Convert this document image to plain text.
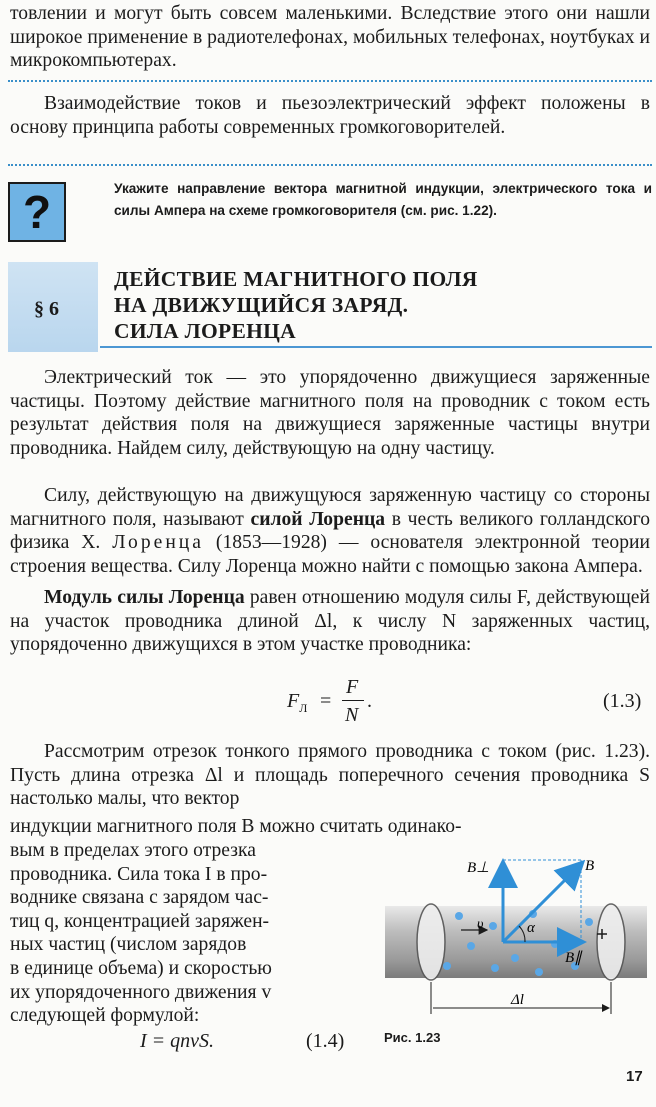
товлении и могут быть совсем маленькими. Вследствие этого они нашли широкое применение в радиотелефонах, мобильных телефонах, ноутбуках и микрокомпьютерах.

Взаимодействие токов и пьезоэлектрический эффект положены в основу принципа работы современных громкоговорителей.

?	Укажите направление вектора магнитной индукции, электрического тока и силы Ампера на схеме громкоговорителя (см. рис. 1.22).
§ 6
ДЕЙСТВИЕ МАГНИТНОГО ПОЛЯ
НА ДВИЖУЩИЙСЯ ЗАРЯД.
СИЛА ЛОРЕНЦА

Электрический ток — это упорядоченно движущиеся заряженные частицы. Поэтому действие магнитного поля на проводник с током есть результат действия поля на движущиеся заряженные частицы внутри проводника. Найдем силу, действующую на одну частицу.

Силу, действующую на движущуюся заряженную частицу со стороны магнитного поля, называют силой Лоренца в честь великого голландского физика Х. Лоренца (1853—1928) — основателя электронной теории строения вещества. Силу Лоренца можно найти с помощью закона Ампера.

Модуль силы Лоренца равен отношению модуля силы F, действующей на участок проводника длиной Δl, к числу N заряженных частиц, упорядоченно движущихся в этом участке проводника:

$F_Л$ =
F
N
.	(1.3)

Рассмотрим отрезок тонкого прямого проводника с током (рис. 1.23). Пусть длина отрезка Δl и площадь поперечного сечения проводника S настолько малы, что вектор

индукции магнитного поля B можно считать одинако-

вым в пределах этого отрезка
проводника. Сила тока I в про-
воднике связана с зарядом час-
тиц q, концентрацией заряжен-
ных частиц (числом зарядов
в единице объема) и скоростью
их упорядоченного движения v
следующей формулой:
I = qnvS.	(1.4)
B⊥	B
B∥
α
υ
Δl
Рис. 1.23
17
